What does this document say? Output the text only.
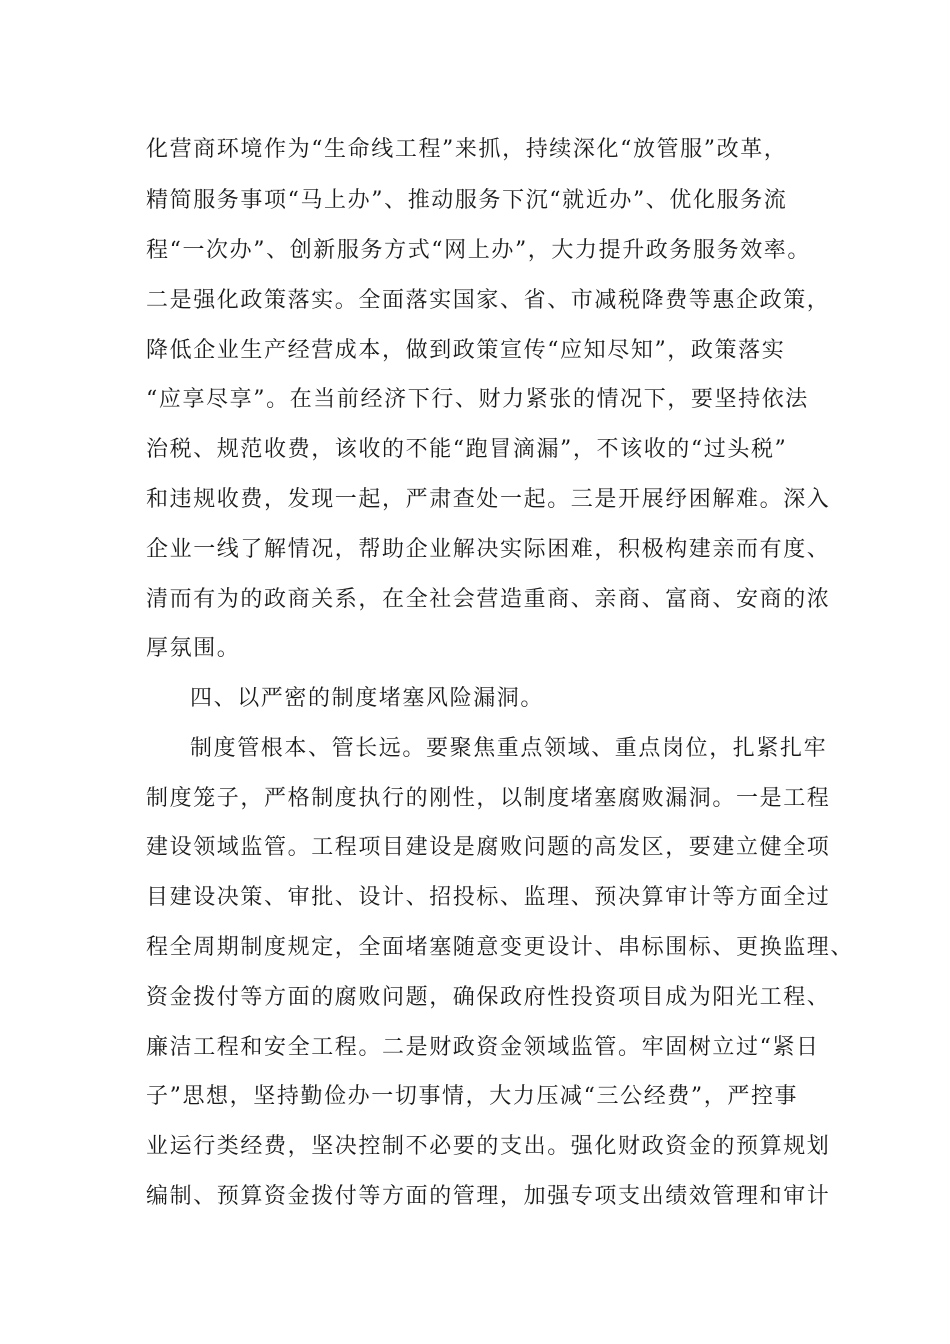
化营商环境作为“生命线工程”来抓，持续深化“放管服”改革，
精简服务事项“马上办”、推动服务下沉“就近办”、优化服务流
程“一次办”、创新服务方式“网上办”，大力提升政务服务效率。
二是强化政策落实。全面落实国家、省、市减税降费等惠企政策，
降低企业生产经营成本，做到政策宣传“应知尽知”，政策落实
“应享尽享”。在当前经济下行、财力紧张的情况下，要坚持依法
治税、规范收费，该收的不能“跑冒滴漏”，不该收的“过头税”
和违规收费，发现一起，严肃查处一起。三是开展纾困解难。深入
企业一线了解情况，帮助企业解决实际困难，积极构建亲而有度、
清而有为的政商关系，在全社会营造重商、亲商、富商、安商的浓
厚氛围。
四、以严密的制度堵塞风险漏洞。
制度管根本、管长远。要聚焦重点领域、重点岗位，扎紧扎牢
制度笼子，严格制度执行的刚性，以制度堵塞腐败漏洞。一是工程
建设领域监管。工程项目建设是腐败问题的高发区，要建立健全项
目建设决策、审批、设计、招投标、监理、预决算审计等方面全过
程全周期制度规定，全面堵塞随意变更设计、串标围标、更换监理、
资金拨付等方面的腐败问题，确保政府性投资项目成为阳光工程、
廉洁工程和安全工程。二是财政资金领域监管。牢固树立过“紧日
子”思想，坚持勤俭办一切事情，大力压减“三公经费”，严控事
业运行类经费，坚决控制不必要的支出。强化财政资金的预算规划
编制、预算资金拨付等方面的管理，加强专项支出绩效管理和审计
